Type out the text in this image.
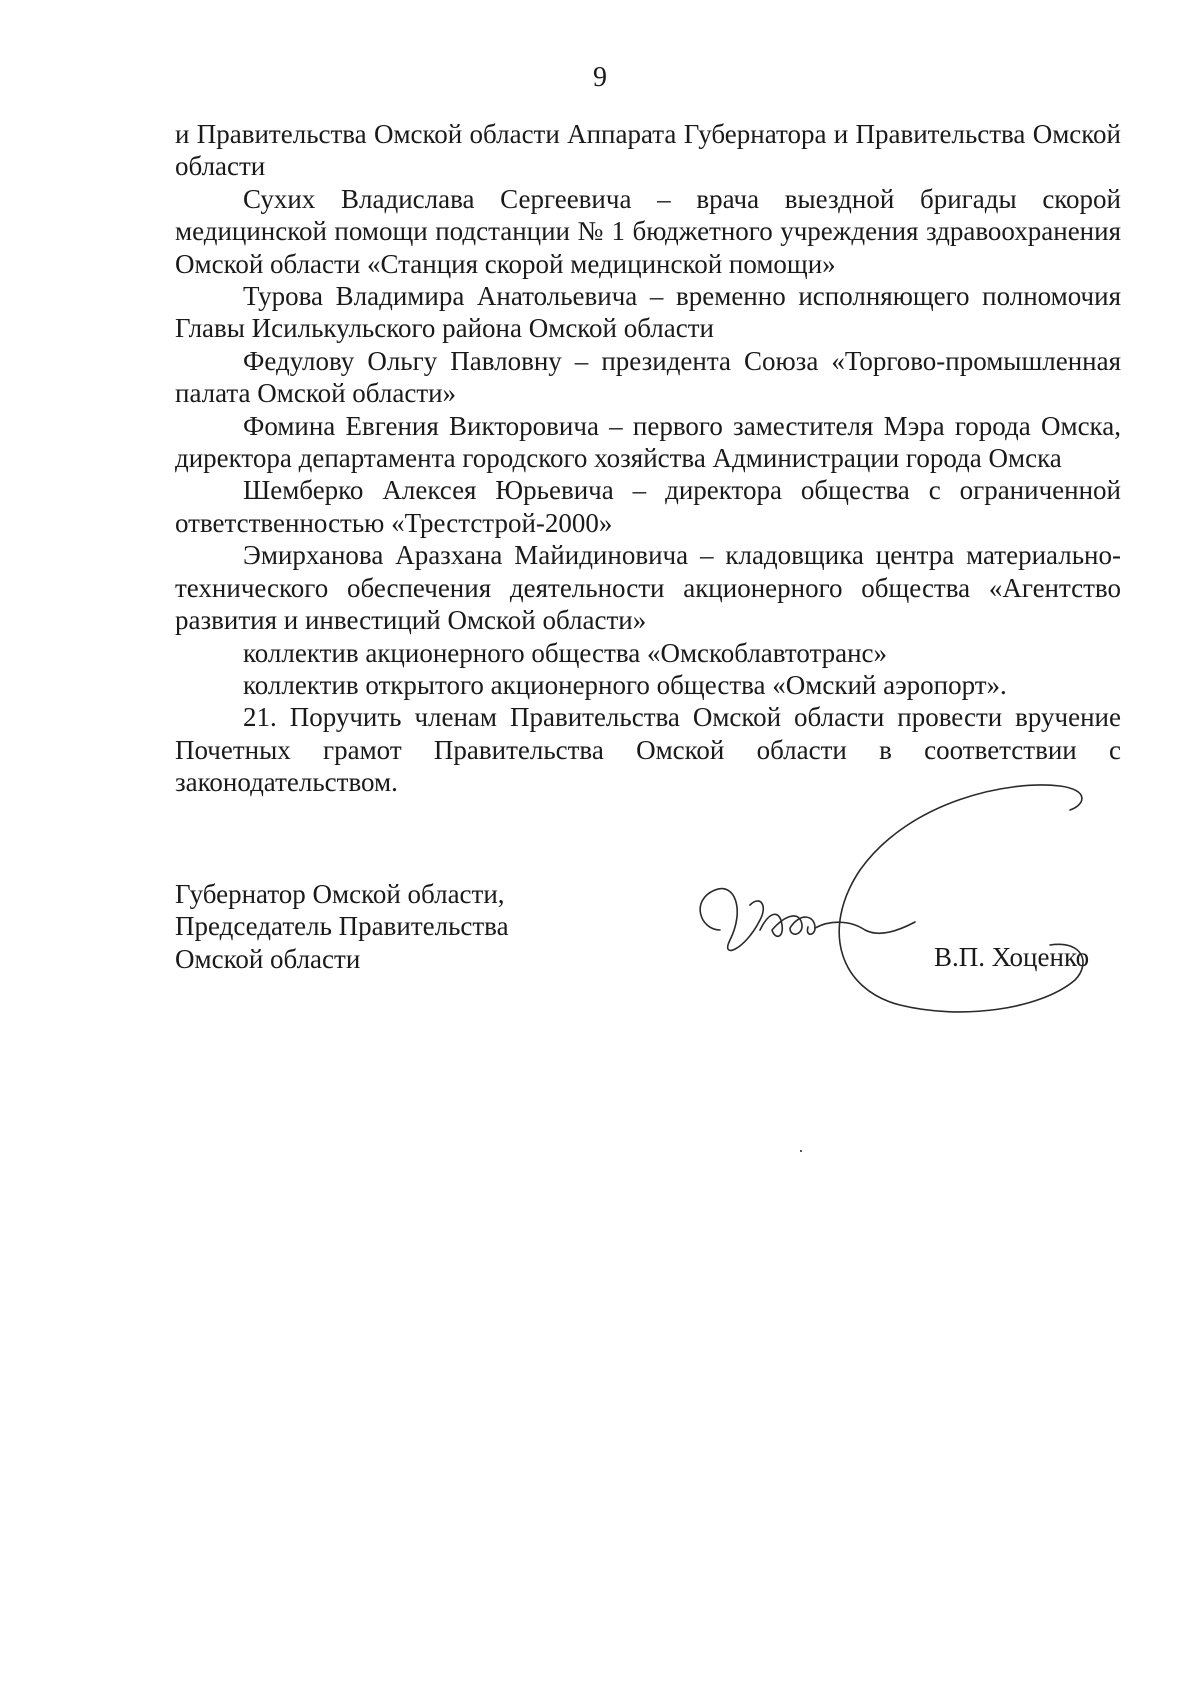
9

и Правительства Омской области Аппарата Губернатора и Правительства Омской области

Сухих Владислава Сергеевича – врача выездной бригады скорой медицинской помощи подстанции № 1 бюджетного учреждения здравоохранения Омской области «Станция скорой медицинской помощи»

Турова Владимира Анатольевича – временно исполняющего полномочия Главы Исилькульского района Омской области

Федулову Ольгу Павловну – президента Союза «Торгово-промышленная палата Омской области»

Фомина Евгения Викторовича – первого заместителя Мэра города Омска, директора департамента городского хозяйства Администрации города Омска

Шемберко Алексея Юрьевича – директора общества с ограниченной ответственностью «Трестстрой-2000»

Эмирханова Аразхана Майидиновича – кладовщика центра материально-технического обеспечения деятельности акционерного общества «Агентство развития и инвестиций Омской области»

коллектив акционерного общества «Омскоблавтотранс»

коллектив открытого акционерного общества «Омский аэропорт».

21. Поручить членам Правительства Омской области провести вручение Почетных грамот Правительства Омской области в соответствии с законодательством.

Губернатор Омской области,
Председатель Правительства
Омской области	В.П. Хоценко
